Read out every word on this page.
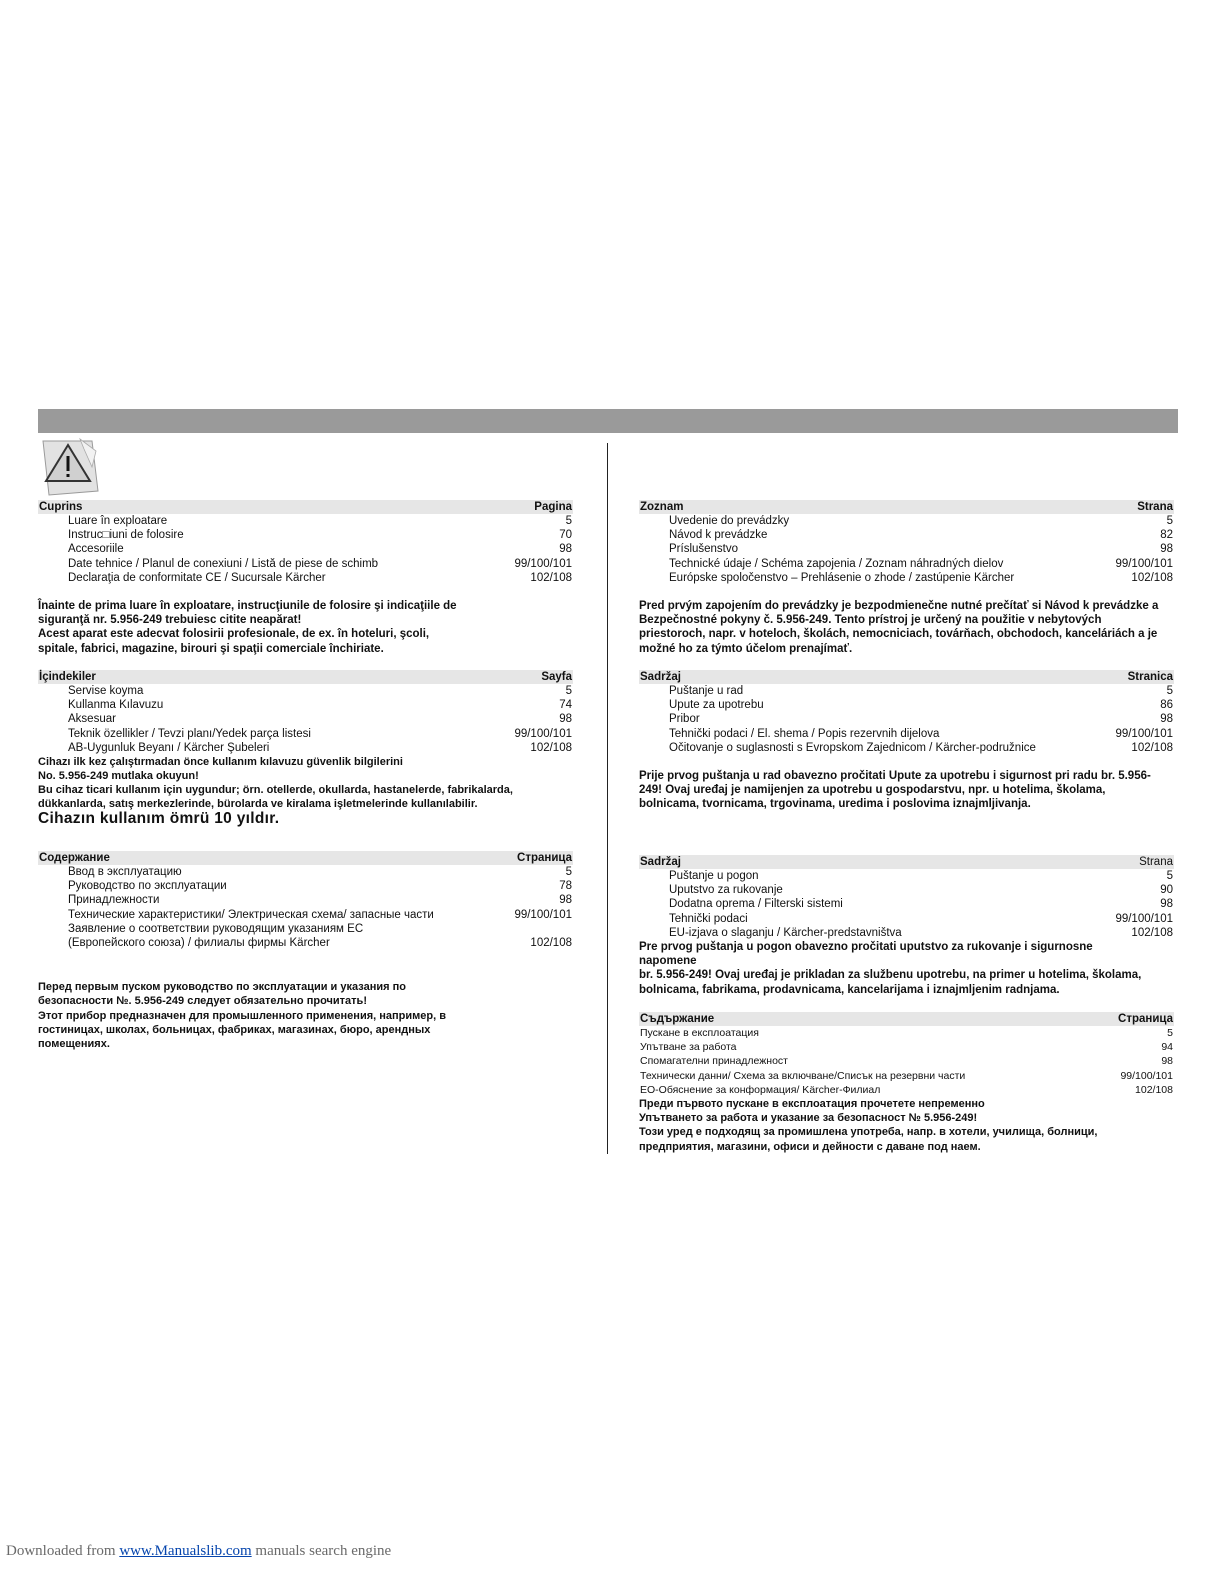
Cuprins	Pagina
Luare în exploatare	5
Instruc□iuni de folosire	70
Accesoriile	98
Date tehnice / Planul de conexiuni / Listă de piese de schimb	99/100/101
Declaraţia de conformitate CE / Sucursale Kärcher	102/108

Înainte de prima luare în exploatare, instrucţiunile de folosire şi indicaţiile de siguranţă nr. 5.956-249 trebuiesc citite neapărat!

Acest aparat este adecvat folosirii profesionale, de ex. în hoteluri, şcoli, spitale, fabrici, magazine, birouri şi spaţii comerciale închiriate.

İçindekiler	Sayfa
Servise koyma	5
Kullanma Kılavuzu	74
Aksesuar	98
Teknik özellikler / Tevzi planı/Yedek parça listesi	99/100/101
AB-Uygunluk Beyanı / Kärcher Şubeleri	102/108

Cihazı ilk kez çalıştırmadan önce kullanım kılavuzu güvenlik bilgilerini No. 5.956-249 mutlaka okuyun!

Bu cihaz ticari kullanım için uygundur; örn. otellerde, okullarda, hastanelerde, fabrikalarda, dükkanlarda, satış merkezlerinde, bürolarda ve kiralama işletmelerinde kullanılabilir.

Cihazın kullanım ömrü 10 yıldır.
Содержание	Страница
Ввод в эксплуатацию	5
Руководство по эксплуатации	78
Принадлежности	98
Технические характеристики/ Электрическая схема/ запасные части	99/100/101
Заявление о соответствии руководящим указаниям ЕС
(Европейского союза) / филиалы фирмы Kärcher	102/108

Перед первым пуском руководство по эксплуатации и указания по безопасности №. 5.956-249 следует обязательно прочитать!

Этот прибор предназначен для промышленного применения, например, в гостиницах, школах, больницах, фабриках, магазинах, бюро, арендных помещениях.

Zoznam	Strana
Uvedenie do prevádzky	5
Návod k prevádzke	82
Príslušenstvo	98
Technické údaje / Schéma zapojenia / Zoznam náhradných dielov	99/100/101
Európske spoločenstvo – Prehlásenie o zhode / zastúpenie Kärcher	102/108

Pred prvým zapojením do prevádzky je bezpodmienečne nutné prečítať si Návod k prevádzke a Bezpečnostné pokyny č. 5.956-249. Tento prístroj je určený na použitie v nebytových priestoroch, napr. v hoteloch, školách, nemocniciach, továrňach, obchodoch, kanceláriách a je možné ho za týmto účelom prenajímať.

Sadržaj	Stranica
Puštanje u rad	5
Upute za upotrebu	86
Pribor	98
Tehnički podaci / El. shema / Popis rezervnih dijelova	99/100/101
Očitovanje o suglasnosti s Evropskom Zajednicom / Kärcher-podružnice	102/108

Prije prvog puštanja u rad obavezno pročitati Upute za upotrebu i sigurnost pri radu br. 5.956-249! Ovaj uređaj je namijenjen za upotrebu u gospodarstvu, npr. u hotelima, školama, bolnicama, tvornicama, trgovinama, uredima i poslovima iznajmljivanja.

Sadržaj	Strana
Puštanje u pogon	5
Uputstvo za rukovanje	90
Dodatna oprema / Filterski sistemi	98
Tehnički podaci	99/100/101
EU-izjava o slaganju / Kärcher-predstavništva	102/108

Pre prvog puštanja u pogon obavezno pročitati uputstvo za rukovanje i sigurnosne napomene

br. 5.956-249! Ovaj uređaj je prikladan za službenu upotrebu, na primer u hotelima, školama, bolnicama, fabrikama, prodavnicama, kancelarijama i iznajmljenim radnjama.

Съдържание	Страница
Пускане в експлоатация	5
Упътване за работа	94
Спомагателни принадлежност	98
Технически данни/ Схема за включване/Списък на резервни части	99/100/101
ЕО-Обяснение за конформация/ Kärcher-Филиал	102/108

Преди първото пускане в експлоатация прочетете непременно

Упътването за работа и указание за безопасност № 5.956-249!

Този уред е подходящ за промишлена употреба, напр. в хотели, училища, болници, предприятия, магазини, офиси и дейности с даване под наем.

Downloaded from www.Manualslib.com manuals search engine
